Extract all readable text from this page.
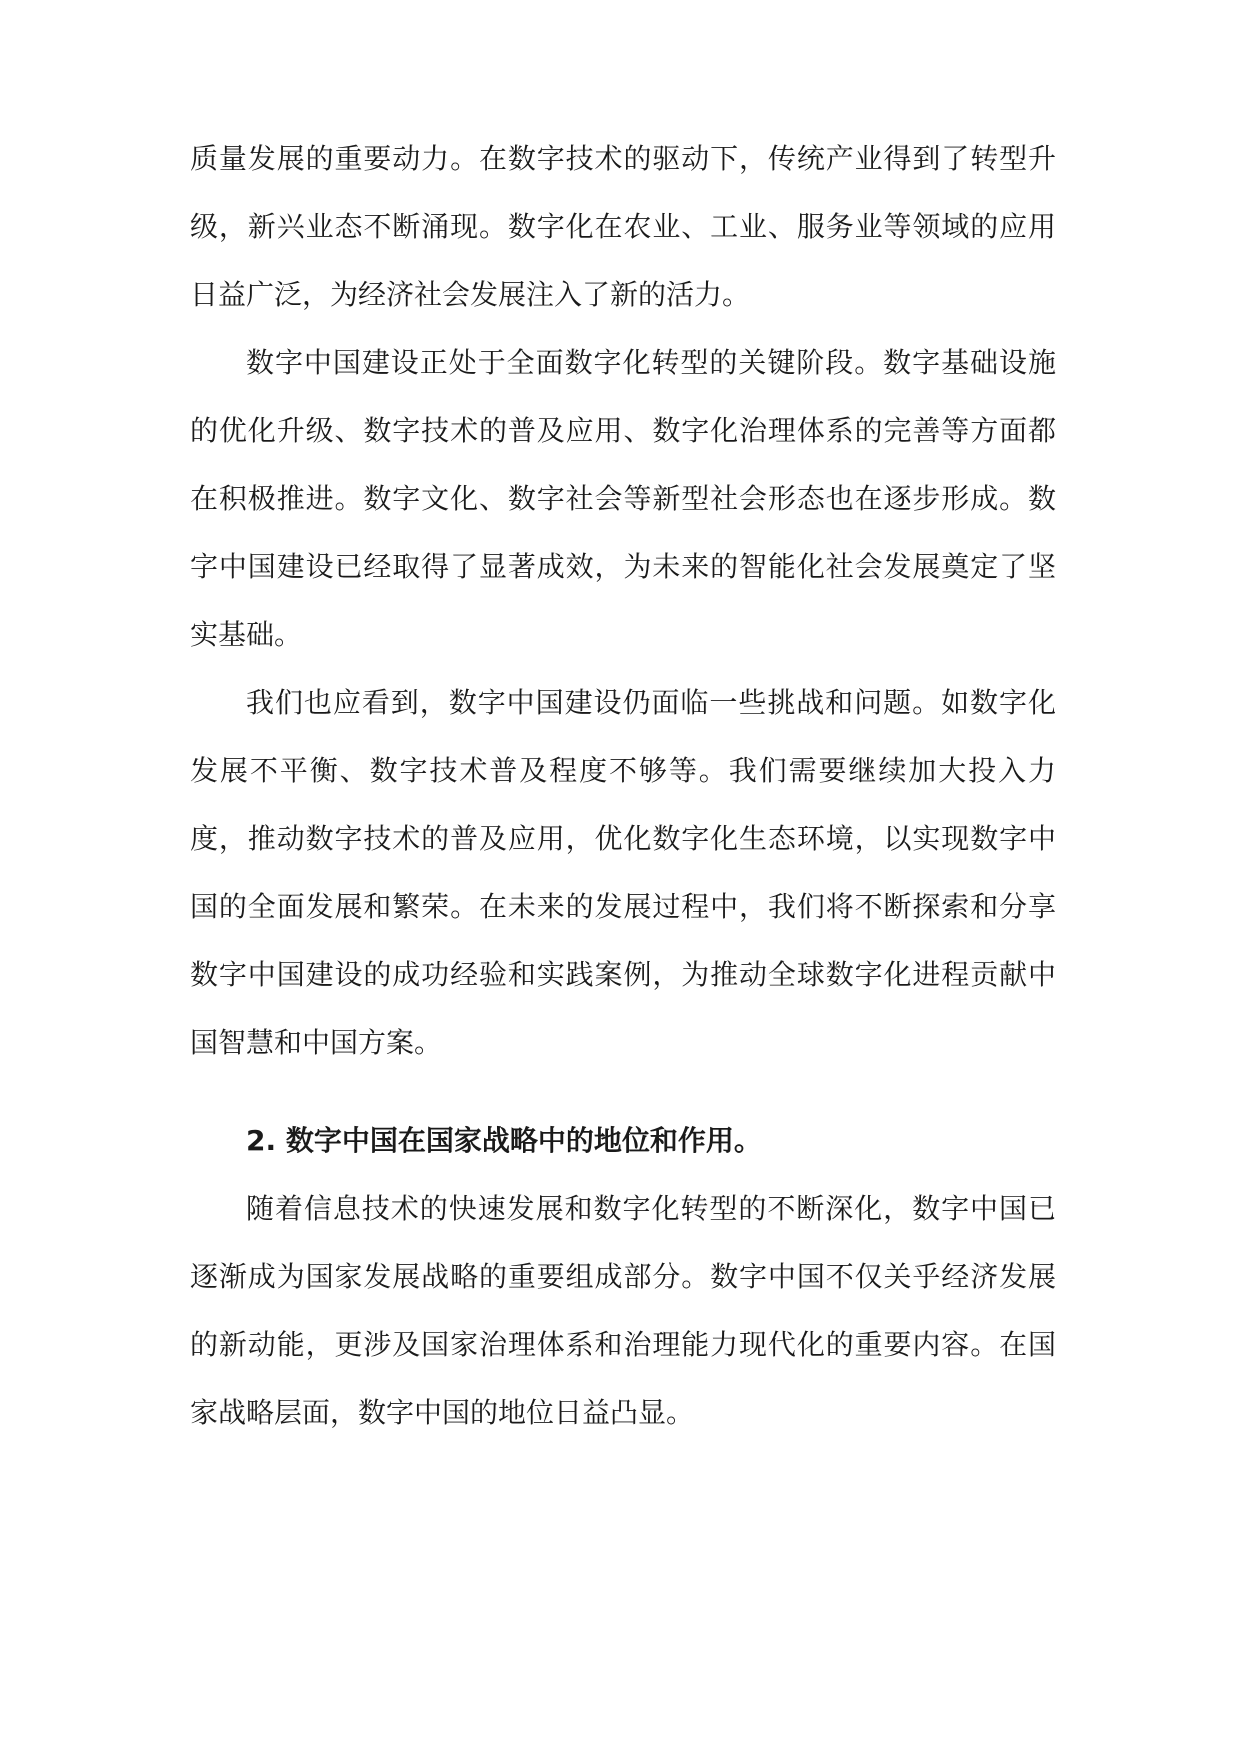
质量发展的重要动力。在数字技术的驱动下，传统产业得到了转型升级，新兴业态不断涌现。数字化在农业、工业、服务业等领域的应用日益广泛，为经济社会发展注入了新的活力。

数字中国建设正处于全面数字化转型的关键阶段。数字基础设施的优化升级、数字技术的普及应用、数字化治理体系的完善等方面都在积极推进。数字文化、数字社会等新型社会形态也在逐步形成。数字中国建设已经取得了显著成效，为未来的智能化社会发展奠定了坚实基础。

我们也应看到，数字中国建设仍面临一些挑战和问题。如数字化发展不平衡、数字技术普及程度不够等。我们需要继续加大投入力度，推动数字技术的普及应用，优化数字化生态环境，以实现数字中国的全面发展和繁荣。在未来的发展过程中，我们将不断探索和分享数字中国建设的成功经验和实践案例，为推动全球数字化进程贡献中国智慧和中国方案。

2. 数字中国在国家战略中的地位和作用。

随着信息技术的快速发展和数字化转型的不断深化，数字中国已逐渐成为国家发展战略的重要组成部分。数字中国不仅关乎经济发展的新动能，更涉及国家治理体系和治理能力现代化的重要内容。在国家战略层面，数字中国的地位日益凸显。
